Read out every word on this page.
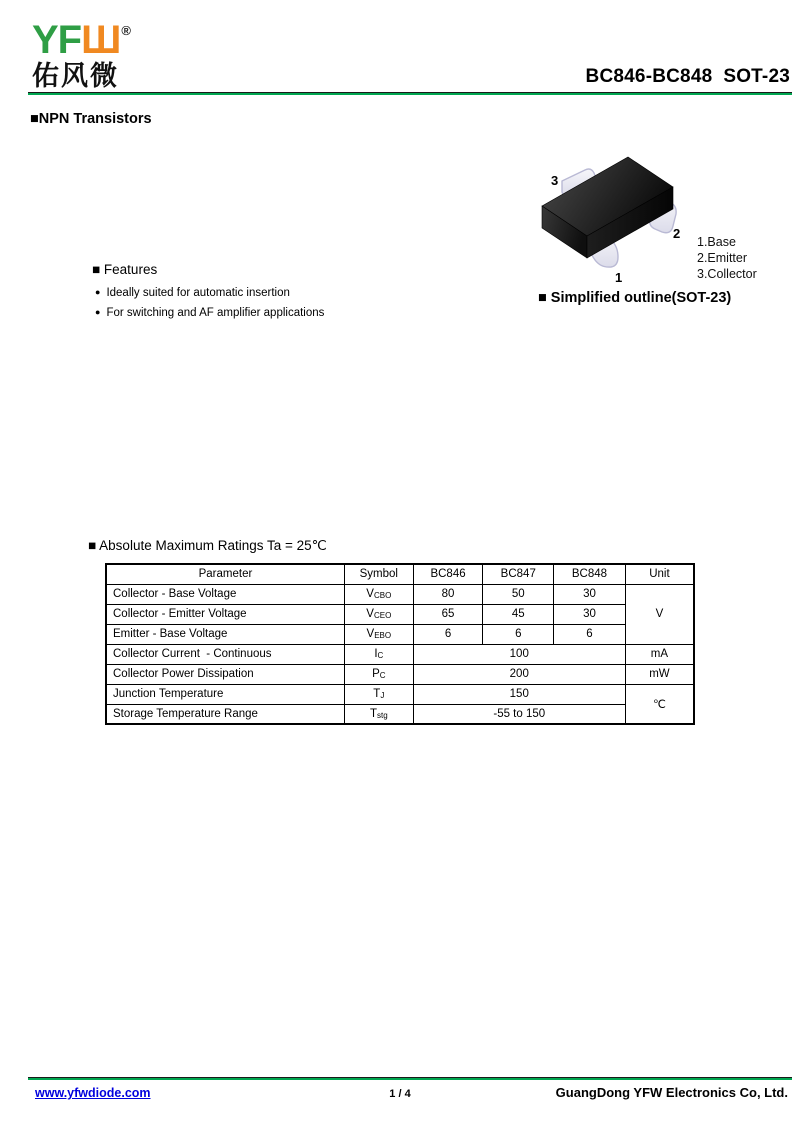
YFШ®
佑风微	BC846-BC848  SOT-23
■NPN Transistors
3
2
1
1.Base
2.Emitter
3.Collector
■ Simplified outline(SOT-23)
■ Features
● Ideally suited for automatic insertion
● For switching and AF amplifier applications
■ Absolute Maximum Ratings Ta = 25℃
Parameter	Symbol	BC846	BC847	BC848	Unit
Collector - Base Voltage	VCBO	80	50	30	V
Collector - Emitter Voltage	VCEO	65	45	30	
Emitter - Base Voltage	VEBO	6	6	6	
Collector Current  - Continuous	IC	100			mA
Collector Power Dissipation	PC	200			mW
Junction Temperature	TJ	150			℃
Storage Temperature Range	Tstg	-55 to 150			
www.yfwdiode.com	1 / 4	GuangDong YFW Electronics Co, Ltd.
